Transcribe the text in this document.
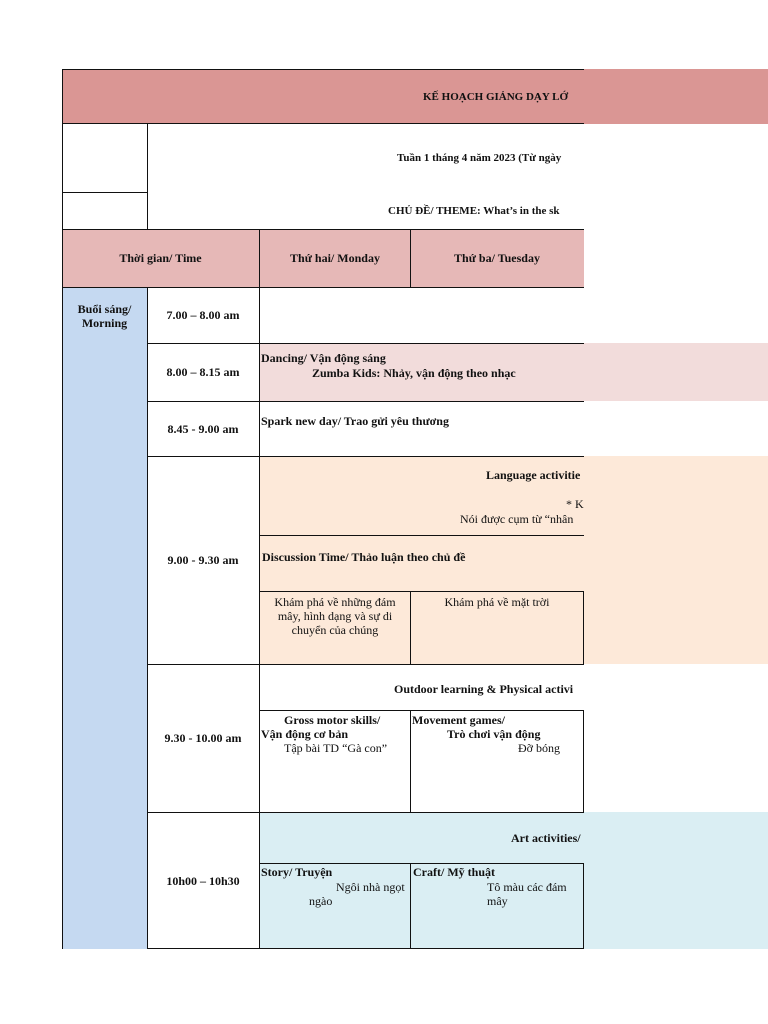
KẾ HOẠCH GIẢNG DẠY LỚ
Tuần 1 tháng 4 năm 2023 (Từ ngày
CHỦ ĐỀ/ THEME: What’s in the sk
Thời gian/ Time	Thứ hai/ Monday	Thứ ba/ Tuesday
Buổi sáng/ Morning
7.00 – 8.00 am
8.00 – 8.15 am
8.45 - 9.00 am
9.00 - 9.30 am
9.30 - 10.00 am
10h00 – 10h30
Dancing/ Vận động sáng
Zumba Kids: Nhảy, vận động theo nhạc
Spark new day/ Trao gửi yêu thương
Language activitie
* K
Nói được cụm từ “nhân
Discussion Time/ Thảo luận theo chủ đề
Khám phá về những đám mây, hình dạng và sự di chuyển của chúng
Khám phá về mặt trời
Outdoor learning & Physical activi
Gross motor skills/
Vận động cơ bản
Tập bài TD “Gà con”
Movement games/
Trò chơi vận động
Đỡ bóng
Art activities/
Story/ Truyện
Ngôi nhà ngọt
ngào
Craft/ Mỹ thuật
Tô màu các đám
mây
